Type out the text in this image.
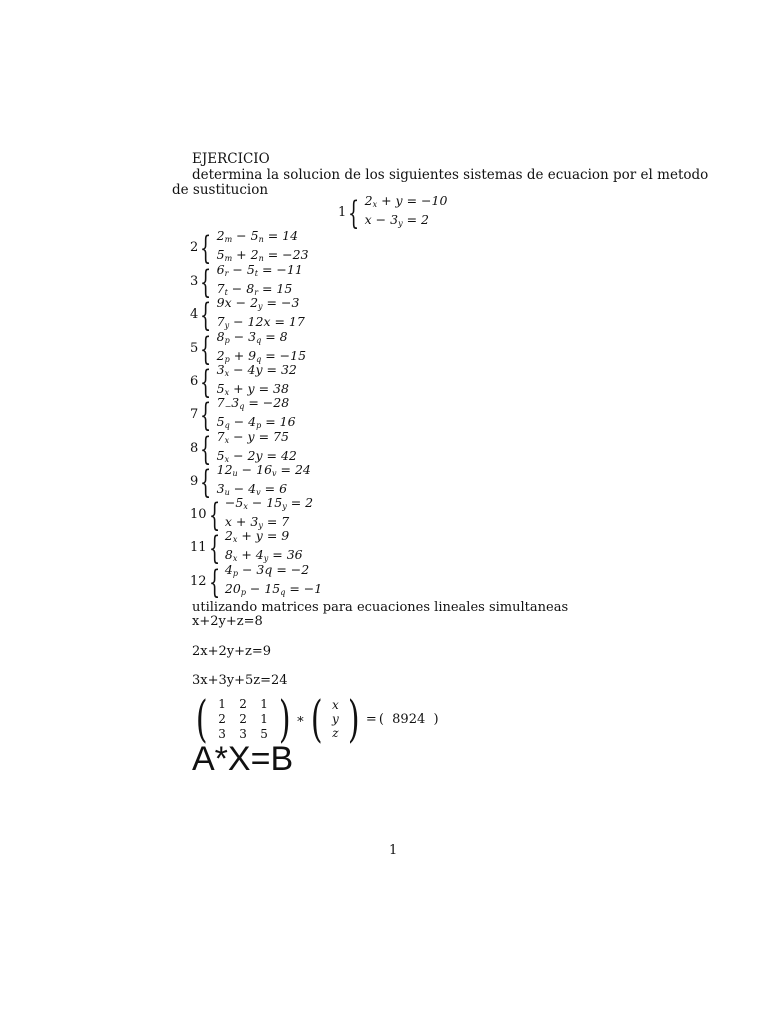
EJERCICIO
determina la solucion de los siguientes sistemas de ecuacion por el metodo
de sustitucion
1 { $2_x + y = -10$
$x - 3_y = 2$
2 { $2_m - 5_n = 14$
$5_m + 2_n = -23$
3 { $6_r - 5_t = -11$
$7_t - 8_r = 15$
4 { $9x - 2_y = -3$
$7_y - 12x = 17$
5 { $8_p - 3_q = 8$
$2_p + 9_q = -15$
6 { $3_x - 4y = 32$
$5_x + y = 38$
7 { $7_-3_q = -28$
$5_q - 4_p = 16$
8 { $7_x - y = 75$
$5_x - 2y = 42$
9 { $12_u - 16_v = 24$
$3_u - 4_v = 6$
10 { $-5_x - 15_y = 2$
$x + 3_y = 7$
11 { $2_x + y = 9$
$8_x + 4_y = 36$
12 { $4_p - 3q = -2$
$20_p - 15_q = -1$
utilizando matrices para ecuaciones lineales simultaneas
x+2y+z=8
2x+2y+z=9
3x+3y+5z=24
( 1	2	1
2	2	1
3	3	5 ) ∗ ( x
y
z ) = ( 8924 )
A*X=B
1
